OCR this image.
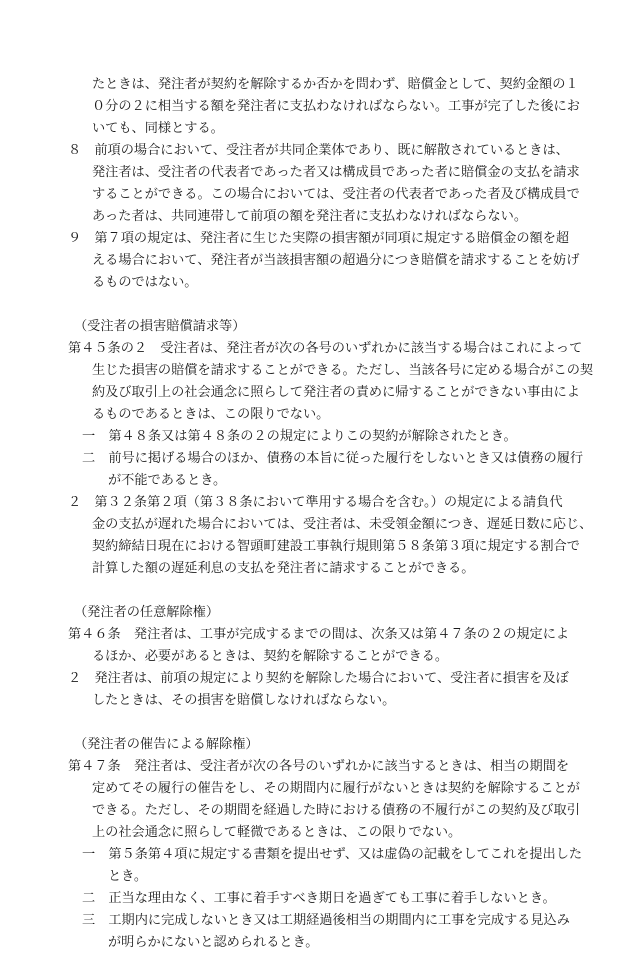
たときは、発注者が契約を解除するか否かを問わず、賠償金として、契約金額の１

０分の２に相当する額を発注者に支払わなければならない。工事が完了した後にお

いても、同様とする。

８　前項の場合において、受注者が共同企業体であり、既に解散されているときは、

発注者は、受注者の代表者であった者又は構成員であった者に賠償金の支払を請求

することができる。この場合においては、受注者の代表者であった者及び構成員で

あった者は、共同連帯して前項の額を発注者に支払わなければならない。

９　第７項の規定は、発注者に生じた実際の損害額が同項に規定する賠償金の額を超

える場合において、発注者が当該損害額の超過分につき賠償を請求することを妨げ

るものではない。

（受注者の損害賠償請求等）

第４５条の２　受注者は、発注者が次の各号のいずれかに該当する場合はこれによって

生じた損害の賠償を請求することができる。ただし、当該各号に定める場合がこの契

約及び取引上の社会通念に照らして発注者の責めに帰することができない事由によ

るものであるときは、この限りでない。

一　第４８条又は第４８条の２の規定によりこの契約が解除されたとき。

二　前号に掲げる場合のほか、債務の本旨に従った履行をしないとき又は債務の履行

が不能であるとき。

２　第３２条第２項（第３８条において準用する場合を含む。）の規定による請負代

金の支払が遅れた場合においては、受注者は、未受領金額につき、遅延日数に応じ、

契約締結日現在における智頭町建設工事執行規則第５８条第３項に規定する割合で

計算した額の遅延利息の支払を発注者に請求することができる。

（発注者の任意解除権）

第４６条　発注者は、工事が完成するまでの間は、次条又は第４７条の２の規定によ

るほか、必要があるときは、契約を解除することができる。

２　発注者は、前項の規定により契約を解除した場合において、受注者に損害を及ぼ

したときは、その損害を賠償しなければならない。

（発注者の催告による解除権）

第４７条　発注者は、受注者が次の各号のいずれかに該当するときは、相当の期間を

定めてその履行の催告をし、その期間内に履行がないときは契約を解除することが

できる。ただし、その期間を経過した時における債務の不履行がこの契約及び取引

上の社会通念に照らして軽微であるときは、この限りでない。

一　第５条第４項に規定する書類を提出せず、又は虚偽の記載をしてこれを提出した

とき。

二　正当な理由なく、工事に着手すべき期日を過ぎても工事に着手しないとき。

三　工期内に完成しないとき又は工期経過後相当の期間内に工事を完成する見込み

が明らかにないと認められるとき。
